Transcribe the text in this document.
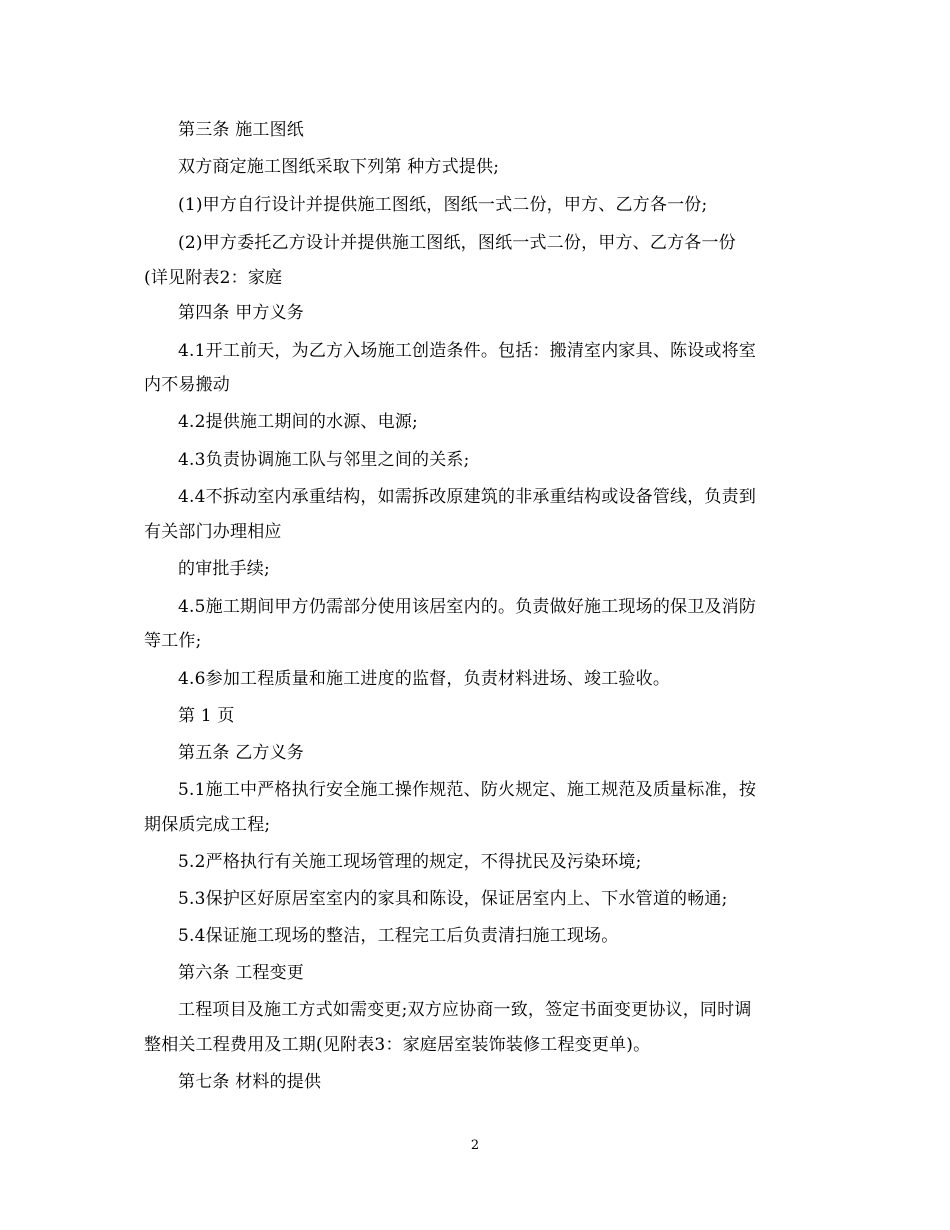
第三条 施工图纸
双方商定施工图纸采取下列第 种方式提供;
(1)甲方自行设计并提供施工图纸，图纸一式二份，甲方、乙方各一份;
(2)甲方委托乙方设计并提供施工图纸，图纸一式二份，甲方、乙方各一份
(详见附表2：家庭
第四条 甲方义务
4.1开工前天，为乙方入场施工创造条件。包括：搬清室内家具、陈设或将室
内不易搬动
4.2提供施工期间的水源、电源;
4.3负责协调施工队与邻里之间的关系;
4.4不拆动室内承重结构，如需拆改原建筑的非承重结构或设备管线，负责到
有关部门办理相应
的审批手续;
4.5施工期间甲方仍需部分使用该居室内的。负责做好施工现场的保卫及消防
等工作;
4.6参加工程质量和施工进度的监督，负责材料进场、竣工验收。
第 1 页
第五条 乙方义务
5.1施工中严格执行安全施工操作规范、防火规定、施工规范及质量标准，按
期保质完成工程;
5.2严格执行有关施工现场管理的规定，不得扰民及污染环境;
5.3保护区好原居室室内的家具和陈设，保证居室内上、下水管道的畅通;
5.4保证施工现场的整洁，工程完工后负责清扫施工现场。
第六条 工程变更
工程项目及施工方式如需变更;双方应协商一致，签定书面变更协议，同时调
整相关工程费用及工期(见附表3：家庭居室装饰装修工程变更单)。
第七条 材料的提供
2
